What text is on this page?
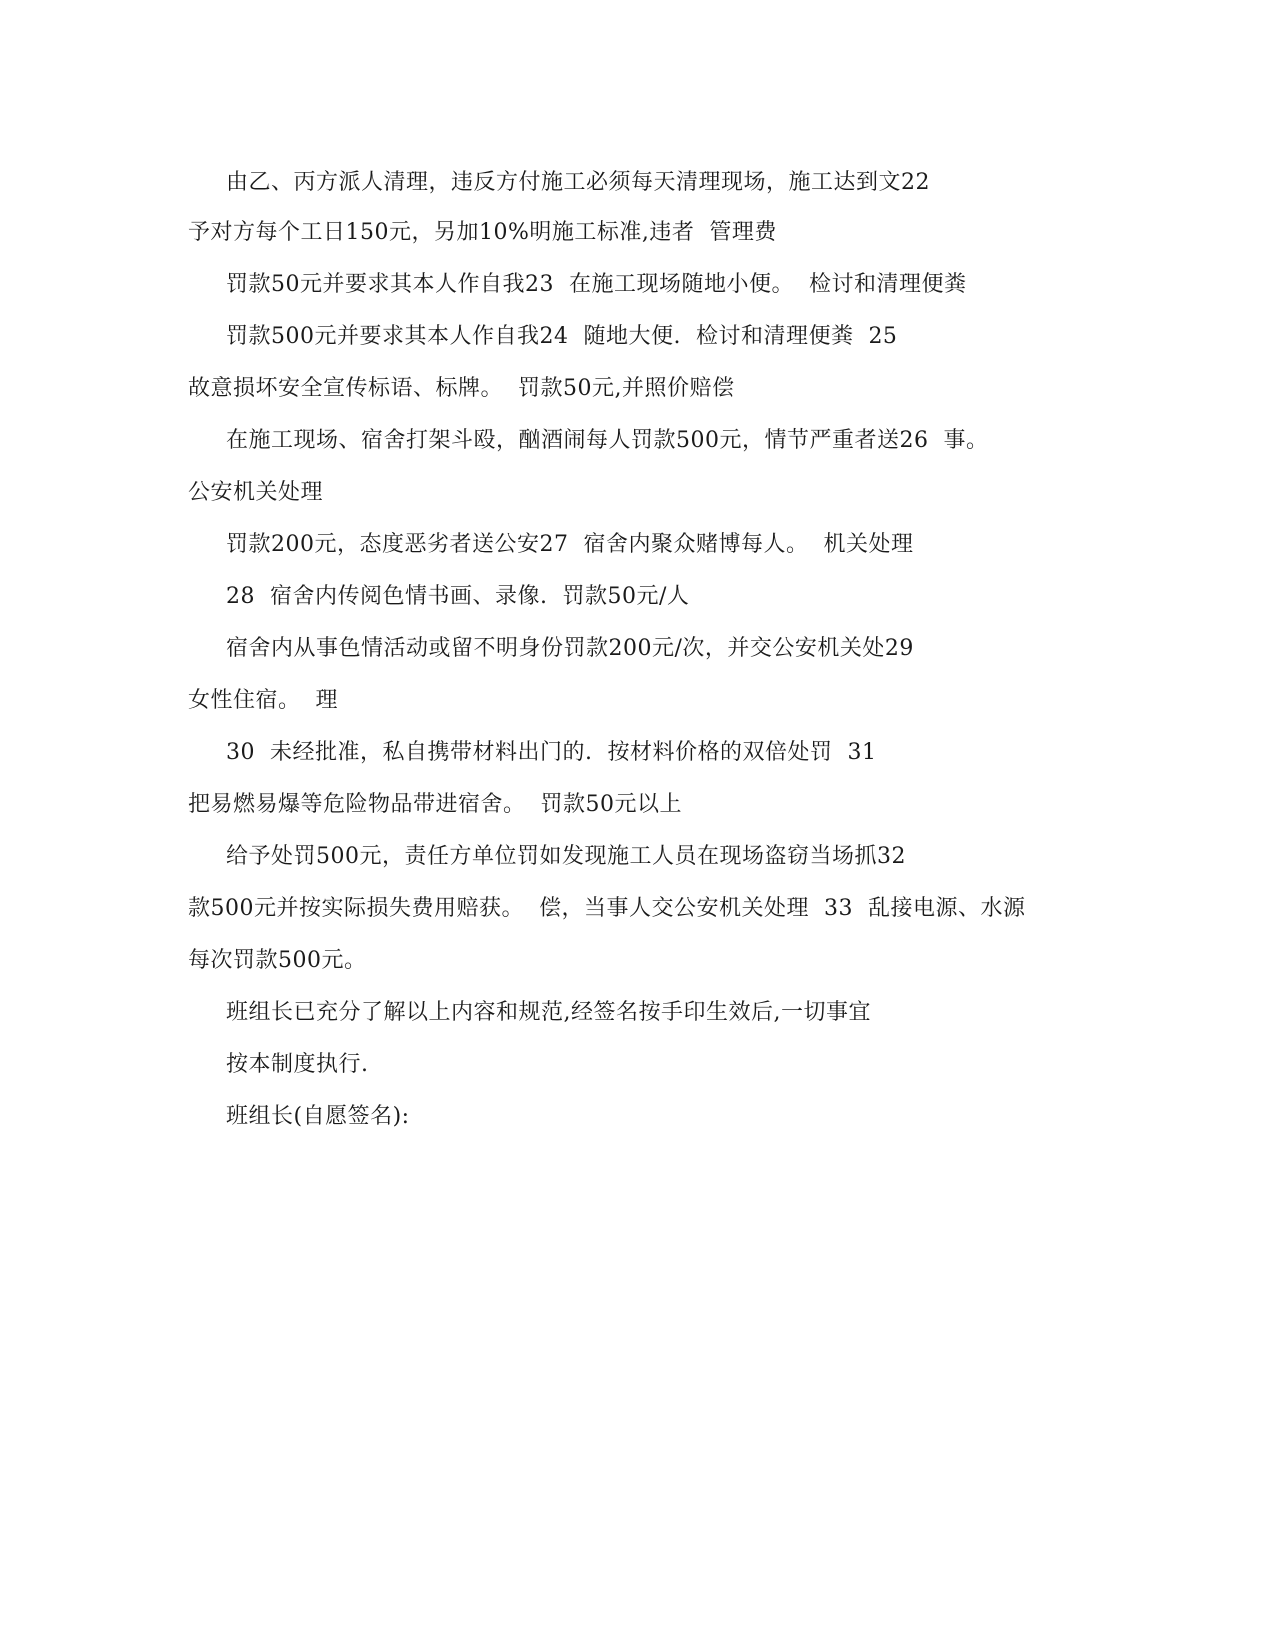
由乙、丙方派人清理，违反方付施工必须每天清理现场，施工达到文22
予对方每个工日150元，另加10%明施工标准,违者  管理费
罚款50元并要求其本人作自我23  在施工现场随地小便。  检讨和清理便粪
罚款500元并要求其本人作自我24  随地大便.  检讨和清理便粪  25
故意损坏安全宣传标语、标牌。  罚款50元,并照价赔偿
在施工现场、宿舍打架斗殴，酗酒闹每人罚款500元，情节严重者送26  事。
公安机关处理
罚款200元，态度恶劣者送公安27  宿舍内聚众赌博每人。  机关处理
28  宿舍内传阅色情书画、录像.  罚款50元/人
宿舍内从事色情活动或留不明身份罚款200元/次，并交公安机关处29
女性住宿。  理
30  未经批准，私自携带材料出门的.  按材料价格的双倍处罚  31
把易燃易爆等危险物品带进宿舍。  罚款50元以上
给予处罚500元，责任方单位罚如发现施工人员在现场盗窃当场抓32
款500元并按实际损失费用赔获。  偿，当事人交公安机关处理  33  乱接电源、水源
每次罚款500元。
班组长已充分了解以上内容和规范,经签名按手印生效后,一切事宜
按本制度执行.
班组长(自愿签名):
